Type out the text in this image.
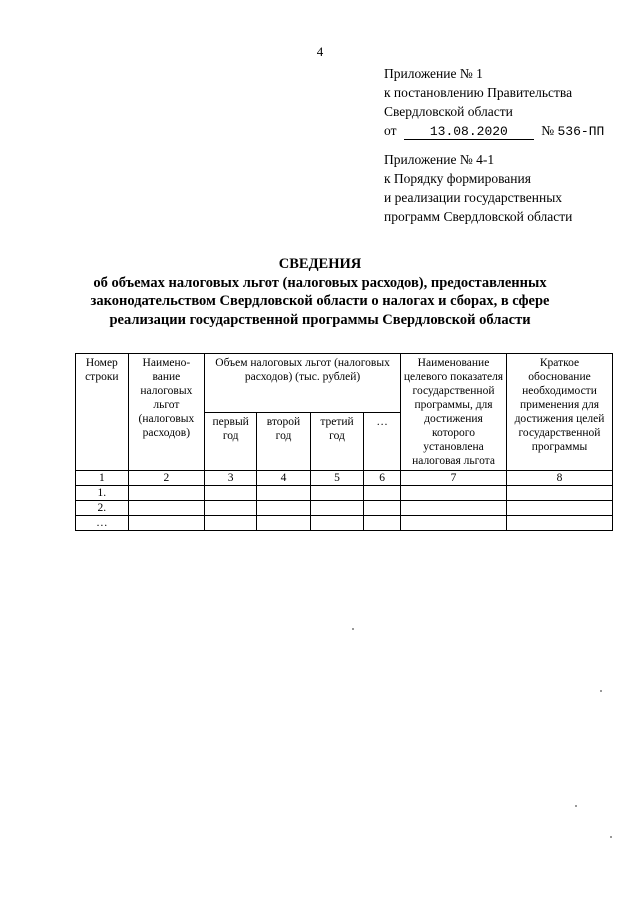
4
Приложение № 1
к постановлению Правительства
Свердловской области
от	13.08.2020 № 536-ПП
Приложение № 4-1
к Порядку формирования
и реализации государственных
программ Свердловской области
СВЕДЕНИЯ
об объемах налоговых льгот (налоговых расходов), предоставленных
законодательством Свердловской области о налогах и сборах, в сфере
реализации государственной программы Свердловской области
Номер строки	Наимено-вание налоговых льгот (налоговых расходов)	Объем налоговых льгот (налоговых расходов) (тыс. рублей)				Наименование целевого показателя государственной программы, для достижения которого установлена налоговая льгота	Краткое обоснование необходимости применения для достижения целей государственной программы
		первый год	второй год	третий год	…		
1	2	3	4	5	6	7	8
1.							
2.							
…							
